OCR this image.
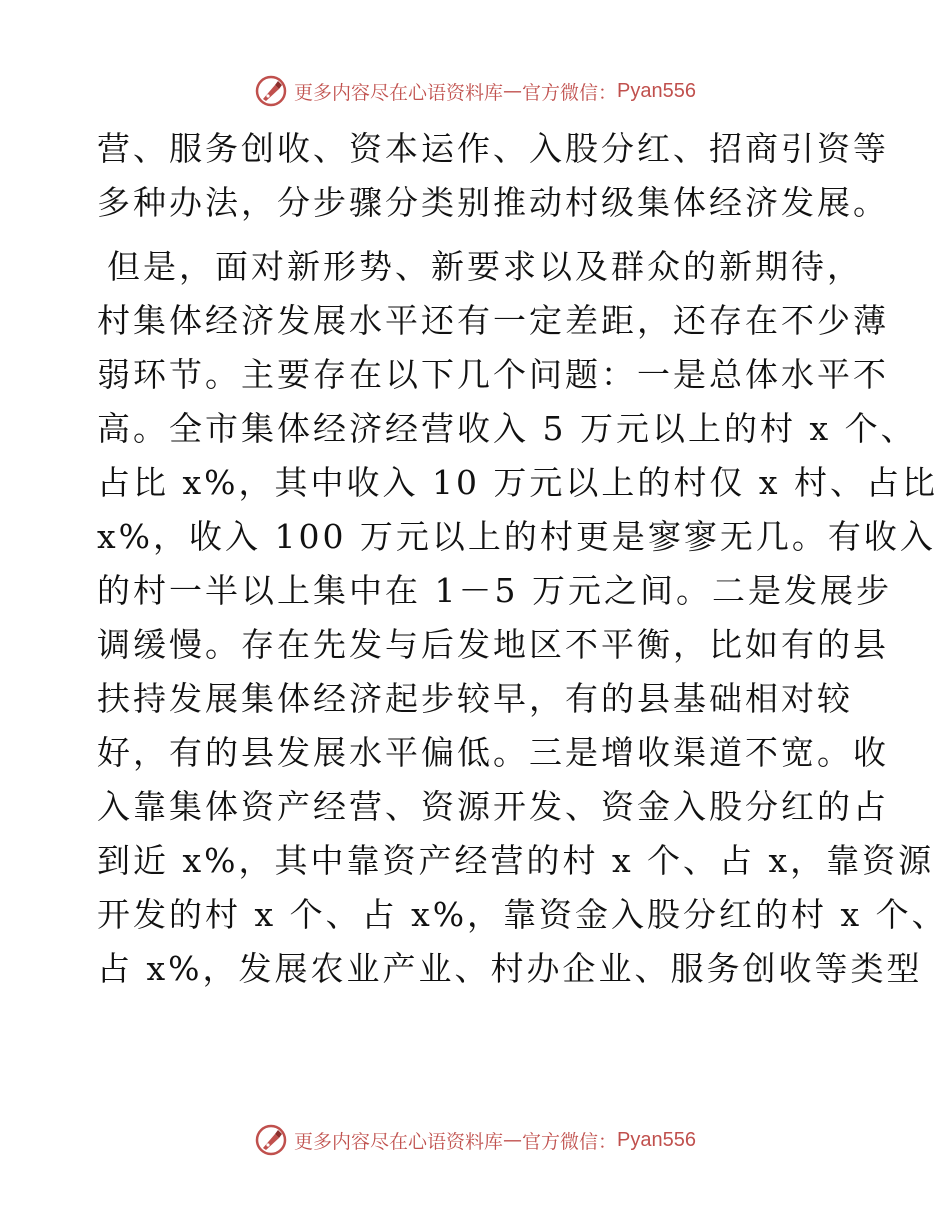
更多内容尽在心语资料库 — 官方微信： Pyan556
营、服务创收、资本运作、入股分红、招商引资等
多种办法，分步骤分类别推动村级集体经济发展。
但是，面对新形势、新要求以及群众的新期待，
村集体经济发展水平还有一定差距，还存在不少薄
弱环节。主要存在以下几个问题：一是总体水平不
高。全市集体经济经营收入 5 万元以上的村 x 个、
占比 x%，其中收入 10 万元以上的村仅 x 村、占比
x%，收入 100 万元以上的村更是寥寥无几。有收入
的村一半以上集中在 1－5 万元之间。二是发展步
调缓慢。存在先发与后发地区不平衡，比如有的县
扶持发展集体经济起步较早，有的县基础相对较
好，有的县发展水平偏低。三是增收渠道不宽。收
入靠集体资产经营、资源开发、资金入股分红的占
到近 x%，其中靠资产经营的村 x 个、占 x，靠资源
开发的村 x 个、占 x%，靠资金入股分红的村 x 个、
占 x%，发展农业产业、村办企业、服务创收等类型
更多内容尽在心语资料库 — 官方微信： Pyan556
